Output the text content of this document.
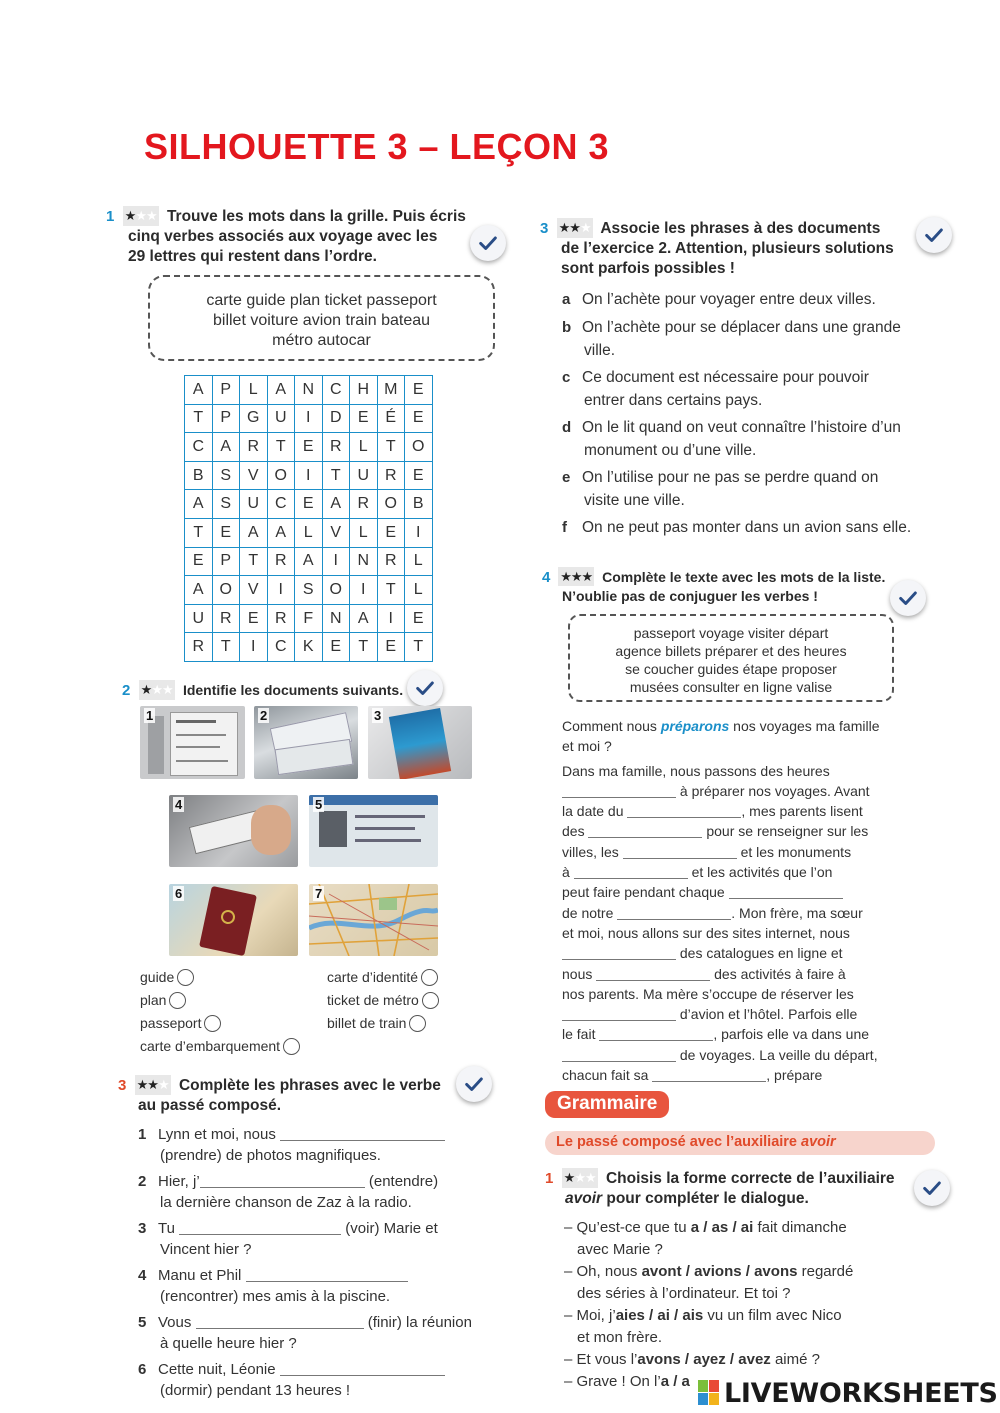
SILHOUETTE 3 – LEÇON 3
1 ★★★ Trouve les mots dans la grille. Puis écris
cinq verbes associés aux voyage avec les
29 lettres qui restent dans l’ordre.
carte guide plan ticket passeport
billet voiture avion train bateau
métro autocar
A	P	L	A	N	C	H	M	E
T	P	G	U	I	D	E	É	E
C	A	R	T	E	R	L	T	O
B	S	V	O	I	T	U	R	E
A	S	U	C	E	A	R	O	B
T	E	A	A	L	V	L	E	I
E	P	T	R	A	I	N	R	L
A	O	V	I	S	O	I	T	L
U	R	E	R	F	N	A	I	E
R	T	I	C	K	E	T	E	T
2 ★★★ Identifie les documents suivants.
1	2	3
4	5
6	7
guide
plan
passeport
carte d’embarquement
carte d’identité
ticket de métro
billet de train
3 ★★★ Complète les phrases avec le verbe
au passé composé.
1 Lynn et moi, nous
(prendre) de photos magnifiques.
2 Hier, j’	(entendre)
la dernière chanson de Zaz à la radio.
3 Tu	(voir) Marie et
Vincent hier ?
4 Manu et Phil
(rencontrer) mes amis à la piscine.
5 Vous	(finir) la réunion
à quelle heure hier ?
6 Cette nuit, Léonie
(dormir) pendant 13 heures !
3 ★★★ Associe les phrases à des documents
de l’exercice 2. Attention, plusieurs solutions
sont parfois possibles !
a On l’achète pour voyager entre deux villes.
b On l’achète pour se déplacer dans une grande
ville.
c Ce document est nécessaire pour pouvoir
entrer dans certains pays.
d On le lit quand on veut connaître l’histoire d’un
monument ou d’une ville.
e On l’utilise pour ne pas se perdre quand on
visite une ville.
f On ne peut pas monter dans un avion sans elle.
4 ★★★ Complète le texte avec les mots de la liste.
N’oublie pas de conjuguer les verbes !
passeport voyage visiter départ
agence billets préparer et des heures
se coucher guides étape proposer
musées consulter en ligne valise
Comment nous préparons nos voyages ma famille
et moi ?
Dans ma famille, nous passons des heures
à préparer nos voyages. Avant
la date du	, mes parents lisent
des	pour se renseigner sur les
villes, les	et les monuments
à	et les activités que l’on
peut faire pendant chaque
de notre	. Mon frère, ma sœur
et moi, nous allons sur des sites internet, nous
des catalogues en ligne et
nous	des activités à faire à
nos parents. Ma mère s’occupe de réserver les
d’avion et l’hôtel. Parfois elle
le fait	, parfois elle va dans une
de voyages. La veille du départ,
chacun fait sa	, prépare
Grammaire
Le passé composé avec l’auxiliaire avoir
1 ★★★ Choisis la forme correcte de l’auxiliaire
avoir pour compléter le dialogue.
– Qu’est-ce que tu a / as / ai fait dimanche
avec Marie ?
– Oh, nous avont / avions / avons regardé
des séries à l’ordinateur. Et toi ?
– Moi, j’aies / ai / ais vu un film avec Nico
et mon frère.
– Et vous l’avons / ayez / avez aimé ?
– Grave ! On l’a / a	LIVEWORKSHEETS
